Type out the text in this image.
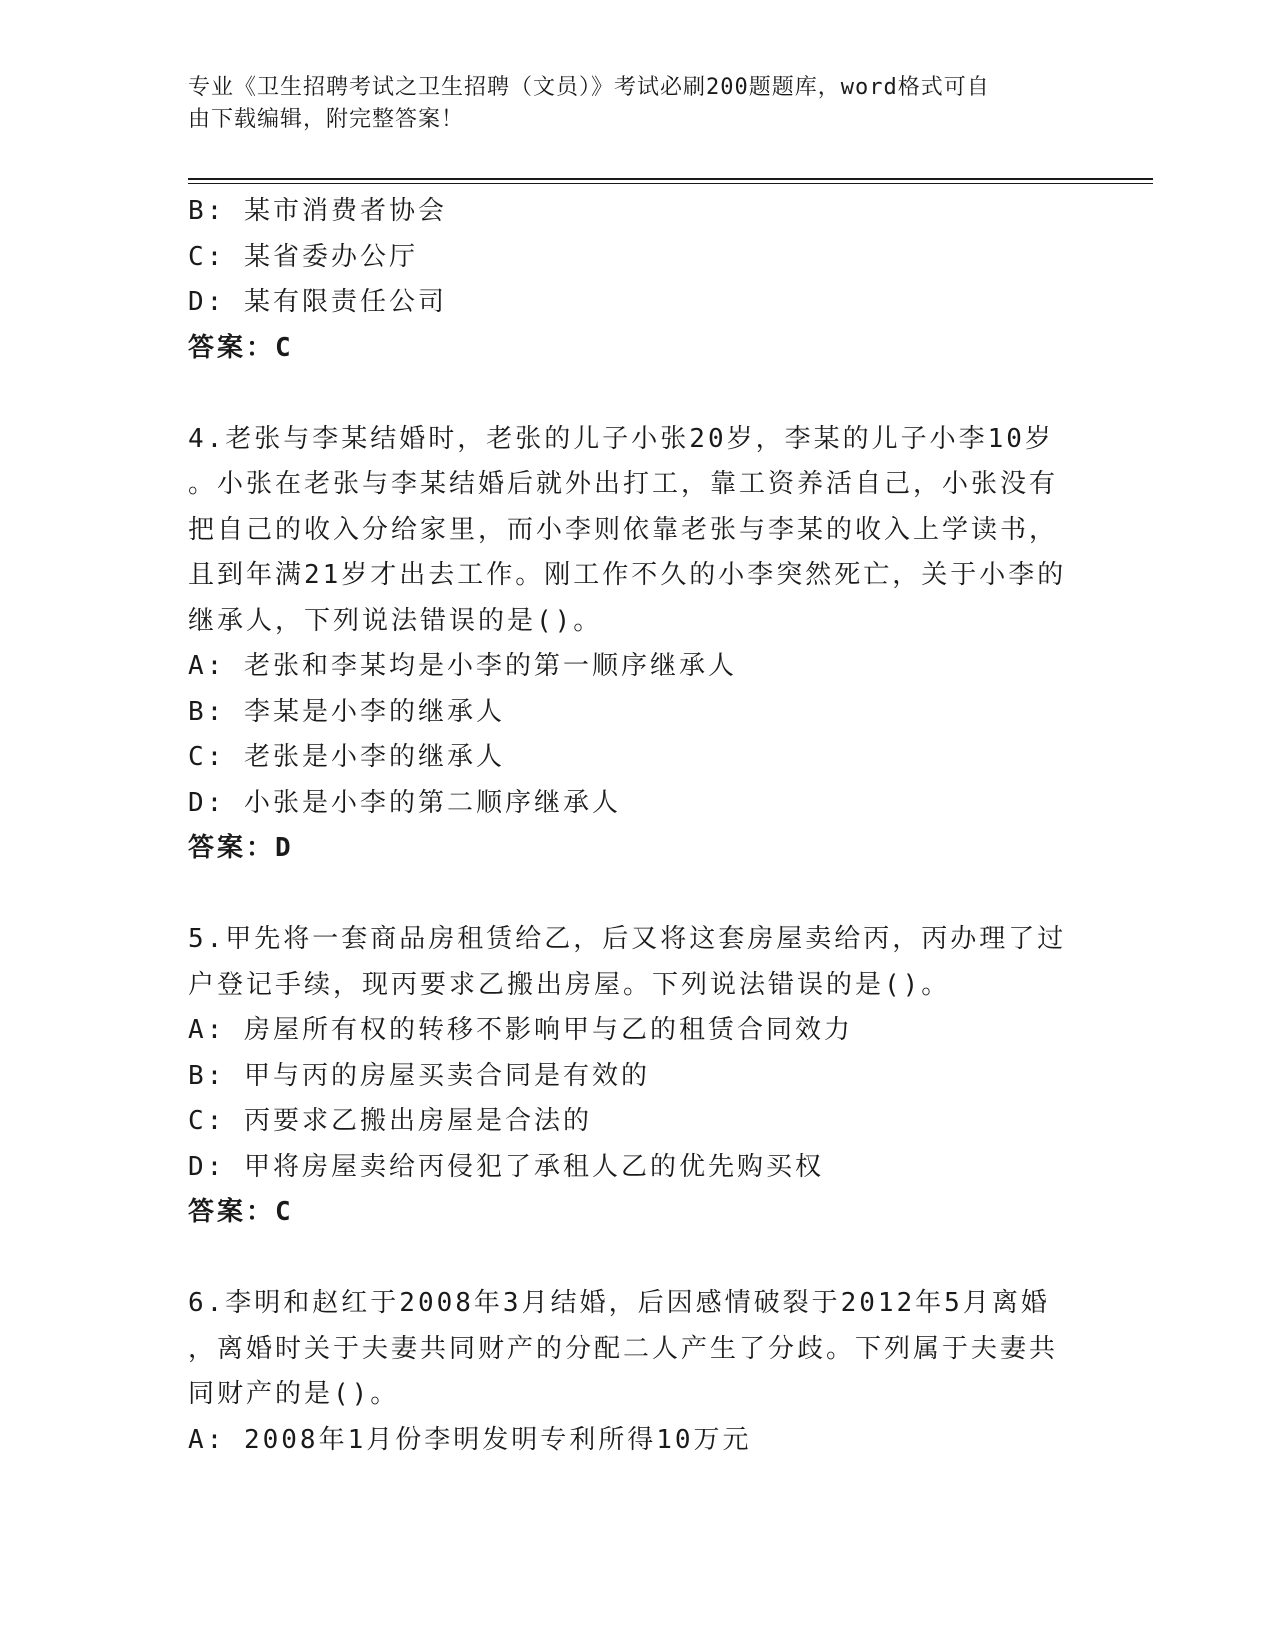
专业《卫生招聘考试之卫生招聘（文员）》考试必刷200题题库，word格式可自
由下载编辑，附完整答案！
B: 某市消费者协会
C: 某省委办公厅
D: 某有限责任公司
答案：C
4.老张与李某结婚时，老张的儿子小张20岁，李某的儿子小李10岁
。小张在老张与李某结婚后就外出打工，靠工资养活自己，小张没有
把自己的收入分给家里，而小李则依靠老张与李某的收入上学读书，
且到年满21岁才出去工作。刚工作不久的小李突然死亡，关于小李的
继承人，下列说法错误的是()。
A: 老张和李某均是小李的第一顺序继承人
B: 李某是小李的继承人
C: 老张是小李的继承人
D: 小张是小李的第二顺序继承人
答案：D
5.甲先将一套商品房租赁给乙，后又将这套房屋卖给丙，丙办理了过
户登记手续，现丙要求乙搬出房屋。下列说法错误的是()。
A: 房屋所有权的转移不影响甲与乙的租赁合同效力
B: 甲与丙的房屋买卖合同是有效的
C: 丙要求乙搬出房屋是合法的
D: 甲将房屋卖给丙侵犯了承租人乙的优先购买权
答案：C
6.李明和赵红于2008年3月结婚，后因感情破裂于2012年5月离婚
，离婚时关于夫妻共同财产的分配二人产生了分歧。下列属于夫妻共
同财产的是()。
A: 2008年1月份李明发明专利所得10万元
